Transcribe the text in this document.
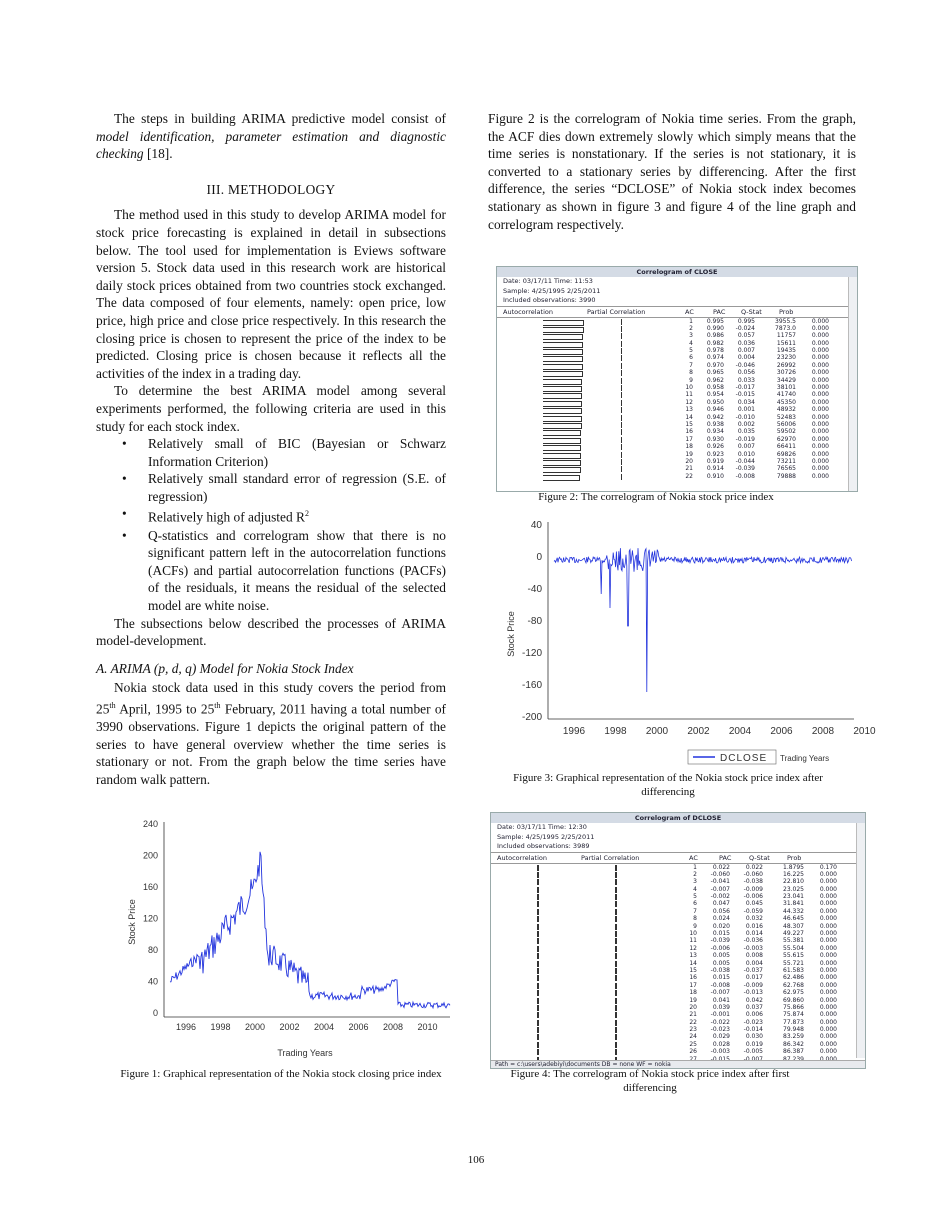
The steps in building ARIMA predictive model consist of model identification, parameter estimation and diagnostic checking [18].

III. METHODOLOGY

The method used in this study to develop ARIMA model for stock price forecasting is explained in detail in subsections below. The tool used for implementation is Eviews software version 5. Stock data used in this research work are historical daily stock prices obtained from two countries stock exchanged. The data composed of four elements, namely: open price, low price, high price and close price respectively. In this research the closing price is chosen to represent the price of the index to be predicted. Closing price is chosen because it reflects all the activities of the index in a trading day.

To determine the best ARIMA model among several experiments performed, the following criteria are used in this study for each stock index.

• Relatively small of BIC (Bayesian or Schwarz Information Criterion)
• Relatively small standard error of regression (S.E. of regression)
• Relatively high of adjusted $R^2$
• Q-statistics and correlogram show that there is no significant pattern left in the autocorrelation functions (ACFs) and partial autocorrelation functions (PACFs) of the residuals, it means the residual of the selected model are white noise.

The subsections below described the processes of ARIMA model-development.

A. ARIMA (p, d, q) Model for Nokia Stock Index

Nokia stock data used in this study covers the period from 25th April, 1995 to 25th February, 2011 having a total number of 3990 observations. Figure 1 depicts the original pattern of the series to have general overview whether the time series is stationary or not. From the graph below the time series have random walk pattern.

Figure 2 is the correlogram of Nokia time series. From the graph, the ACF dies down extremely slowly which simply means that the time series is nonstationary. If the series is not stationary, it is converted to a stationary series by differencing. After the first difference, the series “DCLOSE” of Nokia stock index becomes stationary as shown in figure 3 and figure 4 of the line graph and correlogram respectively.

240
200
160
120
80
40
0
1996 1998 2000 2002 2004 2006 2008 2010
Stock Price
Trading Years
Figure 1: Graphical representation of the Nokia stock closing price index
Correlogram of CLOSE
Date: 03/17/11 Time: 11:53
Sample: 4/25/1995 2/25/2011
Included observations: 3990
Autocorrelation	Partial Correlation	AC	PAC	Q-Stat	Prob
1	0.995	0.995	3955.5	0.000
2	0.990	-0.024	7873.0	0.000
3	0.986	0.057	11757	0.000
4	0.982	0.036	15611	0.000
5	0.978	0.007	19435	0.000
6	0.974	0.004	23230	0.000
7	0.970	-0.046	26992	0.000
8	0.965	0.056	30726	0.000
9	0.962	0.033	34429	0.000
10	0.958	-0.017	38101	0.000
11	0.954	-0.015	41740	0.000
12	0.950	0.034	45350	0.000
13	0.946	0.001	48932	0.000
14	0.942	-0.010	52483	0.000
15	0.938	0.002	56006	0.000
16	0.934	0.035	59502	0.000
17	0.930	-0.019	62970	0.000
18	0.926	0.007	66411	0.000
19	0.923	0.010	69826	0.000
20	0.919	-0.044	73211	0.000
21	0.914	-0.039	76565	0.000
22	0.910	-0.008	79888	0.000
Figure 2: The correlogram of Nokia stock price index
40
0
-40
-80
-120
-160
-200
1996 1998 2000 2002 2004 2006 2008 2010
Stock Price
DCLOSE Trading Years
Figure 3: Graphical representation of the Nokia stock price index after
differencing
Correlogram of DCLOSE
Date: 03/17/11 Time: 12:30
Sample: 4/25/1995 2/25/2011
Included observations: 3989
Autocorrelation	Partial Correlation	AC	PAC	Q-Stat	Prob
1	0.022	0.022	1.8795	0.170
2	-0.060	-0.060	16.225	0.000
3	-0.041	-0.038	22.810	0.000
4	-0.007	-0.009	23.025	0.000
5	-0.002	-0.006	23.041	0.000
6	0.047	0.045	31.841	0.000
7	0.056	-0.059	44.332	0.000
8	0.024	0.032	46.645	0.000
9	0.020	0.016	48.307	0.000
10	0.015	0.014	49.227	0.000
11	-0.039	-0.036	55.381	0.000
12	-0.006	-0.003	55.504	0.000
13	0.005	0.008	55.615	0.000
14	0.005	0.004	55.721	0.000
15	-0.038	-0.037	61.583	0.000
16	0.015	0.017	62.486	0.000
17	-0.008	-0.009	62.768	0.000
18	-0.007	-0.013	62.975	0.000
19	0.041	0.042	69.860	0.000
20	0.039	0.037	75.866	0.000
21	-0.001	0.006	75.874	0.000
22	-0.022	-0.023	77.873	0.000
23	-0.023	-0.014	79.948	0.000
24	0.029	0.030	83.259	0.000
25	0.028	0.019	86.342	0.000
26	-0.003	-0.005	86.387	0.000
Path = c:\users\adebiyi\documents DB = none WF = nokia
Figure 4: The correlogram of Nokia stock price index after first
differencing
106
